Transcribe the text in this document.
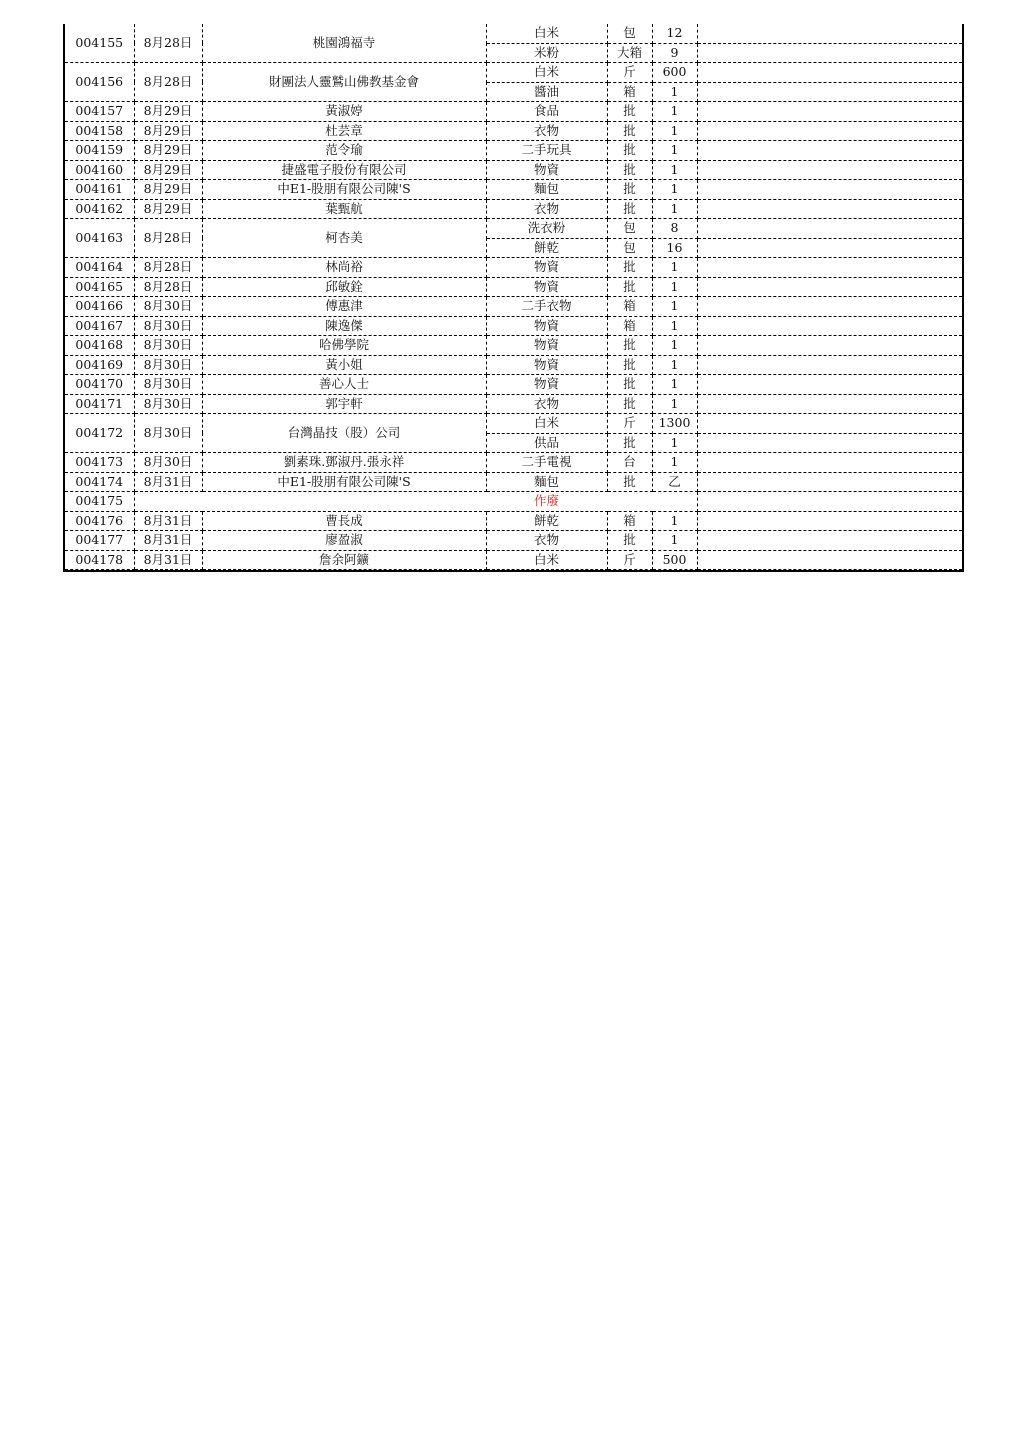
004155	8月28日	桃園鴻福寺	白米	包	12	
			米粉	大箱	9	
004156	8月28日	財團法人靈鷲山佛教基金會	白米	斤	600	
			醬油	箱	1	
004157	8月29日	黃淑婷	食品	批	1	
004158	8月29日	杜芸章	衣物	批	1	
004159	8月29日	范令瑜	二手玩具	批	1	
004160	8月29日	捷盛電子股份有限公司	物資	批	1	
004161	8月29日	中E1-股朋有限公司陳'S	麵包	批	1	
004162	8月29日	葉甄航	衣物	批	1	
004163	8月28日	柯杏美	洗衣粉	包	8	
			餅乾	包	16	
004164	8月28日	林尚裕	物資	批	1	
004165	8月28日	邱敏銓	物資	批	1	
004166	8月30日	傅惠津	二手衣物	箱	1	
004167	8月30日	陳逸傑	物資	箱	1	
004168	8月30日	哈佛學院	物資	批	1	
004169	8月30日	黃小姐	物資	批	1	
004170	8月30日	善心人士	物資	批	1	
004171	8月30日	郭宇軒	衣物	批	1	
004172	8月30日	台灣晶技（股）公司	白米	斤	1300	
			供品	批	1	
004173	8月30日	劉素珠.鄧淑丹.張永祥	二手電視	台	1	
004174	8月31日	中E1-股朋有限公司陳'S	麵包	批	乙	
004175			作廢			
004176	8月31日	曹長成	餅乾	箱	1	
004177	8月31日	廖盈淑	衣物	批	1	
004178	8月31日	詹余阿鑛	白米	斤	500	
